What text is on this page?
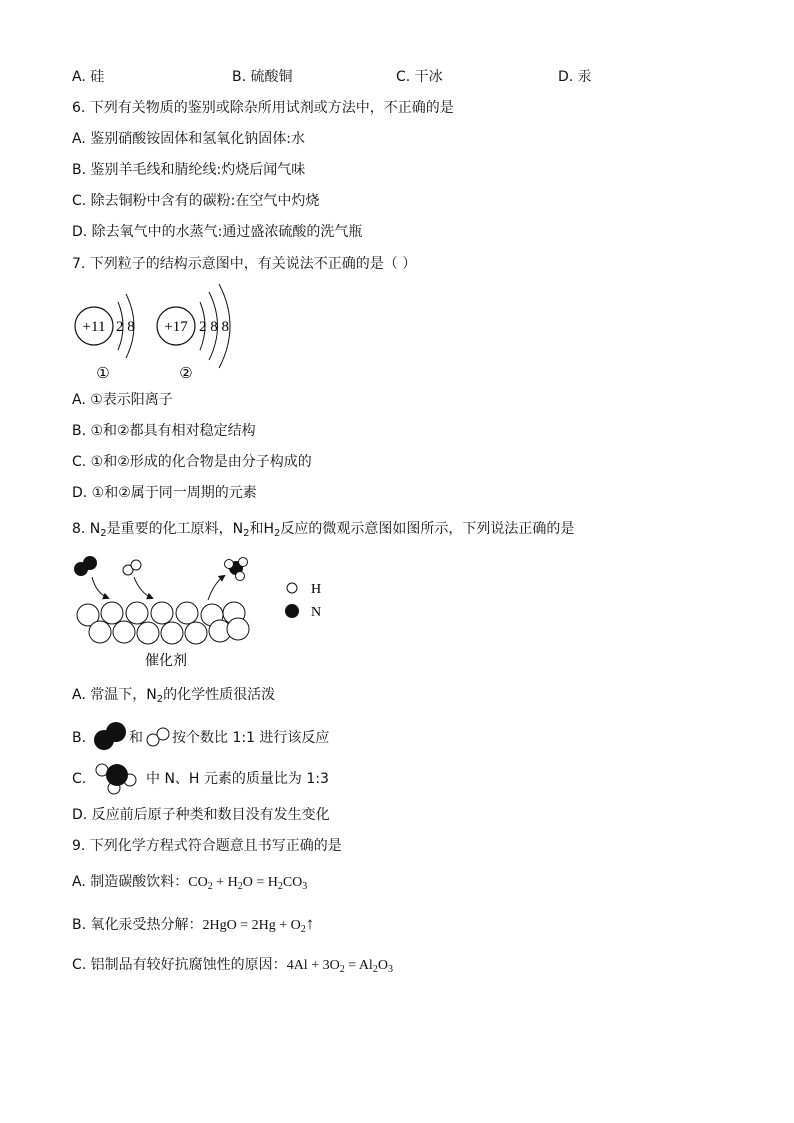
A. 硅	B. 硫酸铜	C. 干冰	D. 汞
6. 下列有关物质的鉴别或除杂所用试剂或方法中，不正确的是
A. 鉴别硝酸铵固体和氢氧化钠固体:水
B. 鉴别羊毛线和腈纶线:灼烧后闻气味
C. 除去铜粉中含有的碳粉:在空气中灼烧
D. 除去氧气中的水蒸气:通过盛浓硫酸的洗气瓶
7. 下列粒子的结构示意图中，有关说法不正确的是（ ）
+11 2 8
①
+17 2 8 8
②
A. ①表示阳离子
B. ①和②都具有相对稳定结构
C. ①和②形成的化合物是由分子构成的
D. ①和②属于同一周期的元素
8. $N_2$是重要的化工原料，$N_2$和$H_2$反应的微观示意图如图所示，下列说法正确的是
催化剂
H
N
A. 常温下，$N_2$的化学性质很活泼
B.	和 按个数比 1:1 进行该反应
C.	中 N、H 元素的质量比为 1:3
D. 反应前后原子种类和数目没有发生变化
9. 下列化学方程式符合题意且书写正确的是
A. 制造碳酸饮料：$CO_2 + H_2O = H_2CO_3$
B. 氧化汞受热分解：$2HgO = 2Hg + O_2↑$
C. 铝制品有较好抗腐蚀性的原因：$4Al + 3O_2 = Al_2O_3$
